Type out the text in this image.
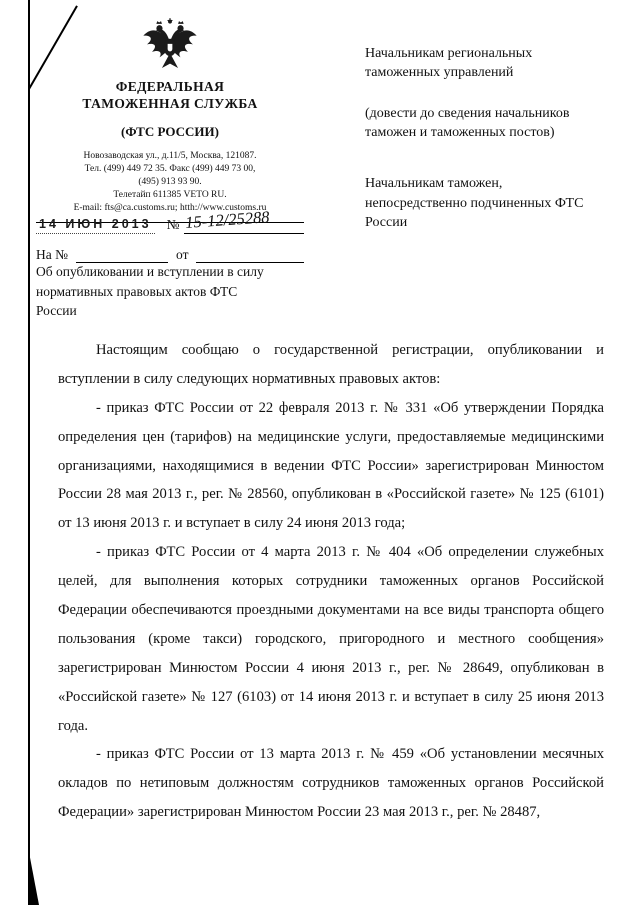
ФЕДЕРАЛЬНАЯ
ТАМОЖЕННАЯ СЛУЖБА
(ФТС РОССИИ)
Новозаводская ул., д.11/5, Москва, 121087.
Тел. (499) 449 72 35. Факс (499) 449 73 00,
(495) 913 93 90.
Телетайп 611385 VETO RU.
E-mail: fts@ca.customs.ru; htth://www.customs.ru
14 ИЮН 2013 № 15-12/25288
На №	от
Об опубликовании и вступлении в силу нормативных правовых актов ФТС России
Начальникам региональных таможенных управлений
(довести до сведения начальников таможен и таможенных постов)
Начальникам таможен, непосредственно подчиненных ФТС России

Настоящим сообщаю о государственной регистрации, опубликовании и вступлении в силу следующих нормативных правовых актов:

- приказ ФТС России от 22 февраля 2013 г. № 331 «Об утверждении Порядка определения цен (тарифов) на медицинские услуги, предоставляемые медицинскими организациями, находящимися в ведении ФТС России» зарегистрирован Минюстом России 28 мая 2013 г., рег. № 28560, опубликован в «Российской газете» № 125 (6101) от 13 июня 2013 г. и вступает в силу 24 июня 2013 года;

- приказ ФТС России от 4 марта 2013 г. № 404 «Об определении служебных целей, для выполнения которых сотрудники таможенных органов Российской Федерации обеспечиваются проездными документами на все виды транспорта общего пользования (кроме такси) городского, пригородного и местного сообщения» зарегистрирован Минюстом России 4 июня 2013 г., рег. № 28649, опубликован в «Российской газете» № 127 (6103) от 14 июня 2013 г. и вступает в силу 25 июня 2013 года.

- приказ ФТС России от 13 марта 2013 г. № 459 «Об установлении месячных окладов по нетиповым должностям сотрудников таможенных органов Российской Федерации» зарегистрирован Минюстом России 23 мая 2013 г., рег. № 28487,
